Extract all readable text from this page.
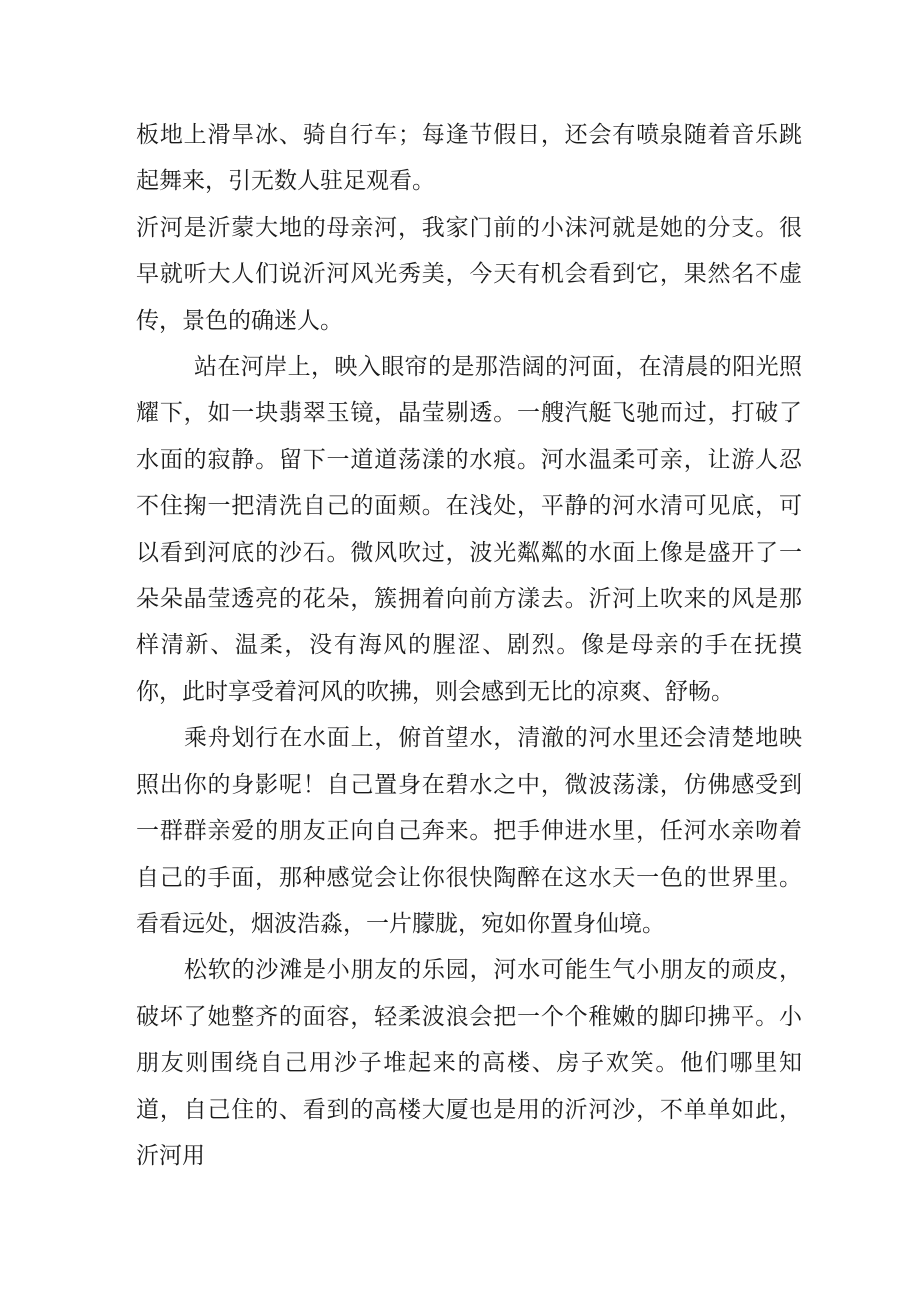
板地上滑旱冰、骑自行车；每逢节假日，还会有喷泉随着音乐跳起舞来，引无数人驻足观看。

沂河是沂蒙大地的母亲河，我家门前的小沫河就是她的分支。很早就听大人们说沂河风光秀美，今天有机会看到它，果然名不虚传，景色的确迷人。

站在河岸上，映入眼帘的是那浩阔的河面，在清晨的阳光照耀下，如一块翡翠玉镜，晶莹剔透。一艘汽艇飞驰而过，打破了水面的寂静。留下一道道荡漾的水痕。河水温柔可亲，让游人忍不住掬一把清洗自己的面颊。在浅处，平静的河水清可见底，可以看到河底的沙石。微风吹过，波光粼粼的水面上像是盛开了一朵朵晶莹透亮的花朵，簇拥着向前方漾去。沂河上吹来的风是那样清新、温柔，没有海风的腥涩、剧烈。像是母亲的手在抚摸你，此时享受着河风的吹拂，则会感到无比的凉爽、舒畅。

乘舟划行在水面上，俯首望水，清澈的河水里还会清楚地映照出你的身影呢！自己置身在碧水之中，微波荡漾，仿佛感受到一群群亲爱的朋友正向自己奔来。把手伸进水里，任河水亲吻着自己的手面，那种感觉会让你很快陶醉在这水天一色的世界里。看看远处，烟波浩淼，一片朦胧，宛如你置身仙境。

松软的沙滩是小朋友的乐园，河水可能生气小朋友的顽皮，破坏了她整齐的面容，轻柔波浪会把一个个稚嫩的脚印拂平。小朋友则围绕自己用沙子堆起来的高楼、房子欢笑。他们哪里知道，自己住的、看到的高楼大厦也是用的沂河沙，不单单如此，沂河用
